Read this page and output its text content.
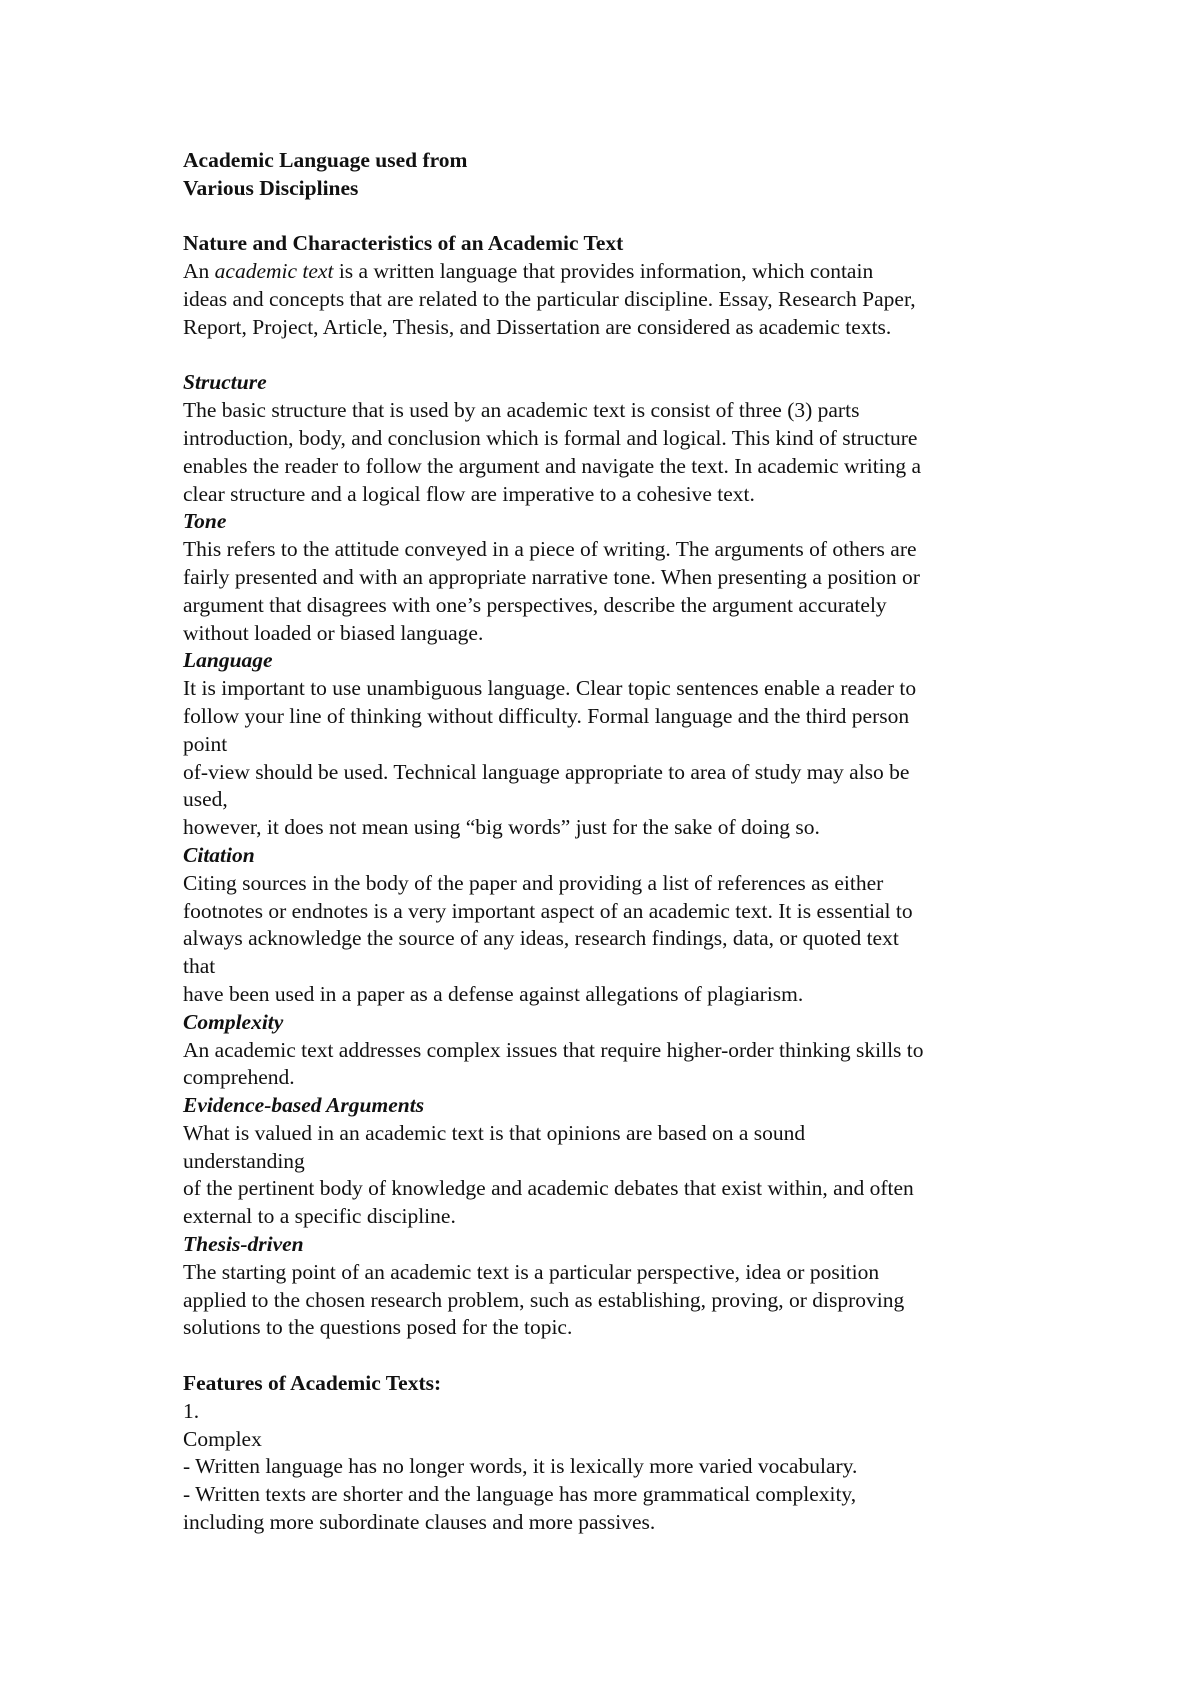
Academic Language used from
Various Disciplines
Nature and Characteristics of an Academic Text
An academic text is a written language that provides information, which contain
ideas and concepts that are related to the particular discipline. Essay, Research Paper,
Report, Project, Article, Thesis, and Dissertation are considered as academic texts.
Structure
The basic structure that is used by an academic text is consist of three (3) parts
introduction, body, and conclusion which is formal and logical. This kind of structure
enables the reader to follow the argument and navigate the text. In academic writing a
clear structure and a logical flow are imperative to a cohesive text.
Tone
This refers to the attitude conveyed in a piece of writing. The arguments of others are
fairly presented and with an appropriate narrative tone. When presenting a position or
argument that disagrees with one’s perspectives, describe the argument accurately
without loaded or biased language.
Language
It is important to use unambiguous language. Clear topic sentences enable a reader to
follow your line of thinking without difficulty. Formal language and the third person
point
of-view should be used. Technical language appropriate to area of study may also be
used,
however, it does not mean using “big words” just for the sake of doing so.
Citation
Citing sources in the body of the paper and providing a list of references as either
footnotes or endnotes is a very important aspect of an academic text. It is essential to
always acknowledge the source of any ideas, research findings, data, or quoted text
that
have been used in a paper as a defense against allegations of plagiarism.
Complexity
An academic text addresses complex issues that require higher-order thinking skills to
comprehend.
Evidence-based Arguments
What is valued in an academic text is that opinions are based on a sound
understanding
of the pertinent body of knowledge and academic debates that exist within, and often
external to a specific discipline.
Thesis-driven
The starting point of an academic text is a particular perspective, idea or position
applied to the chosen research problem, such as establishing, proving, or disproving
solutions to the questions posed for the topic.
Features of Academic Texts:
1.
Complex
- Written language has no longer words, it is lexically more varied vocabulary.
- Written texts are shorter and the language has more grammatical complexity,
including more subordinate clauses and more passives.
